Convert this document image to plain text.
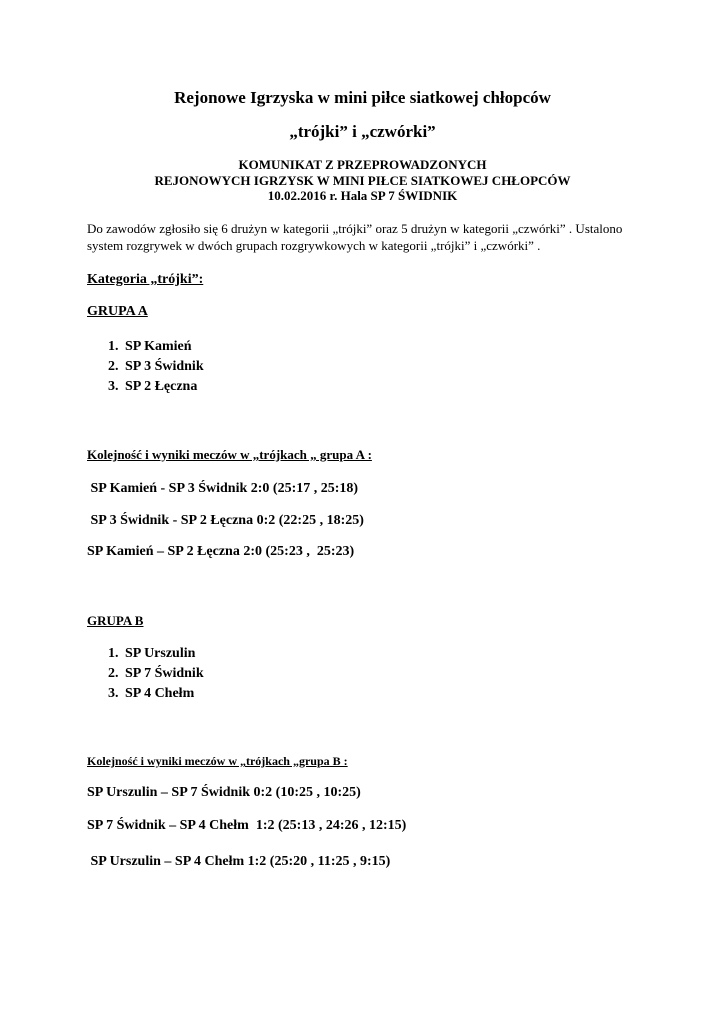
Rejonowe Igrzyska w mini piłce siatkowej chłopców
„trójki” i „czwórki”
KOMUNIKAT Z PRZEPROWADZONYCH
REJONOWYCH IGRZYSK W MINI PIŁCE SIATKOWEJ CHŁOPCÓW
10.02.2016 r. Hala SP 7 ŚWIDNIK
Do zawodów zgłosiło się 6 drużyn w kategorii „trójki” oraz 5 drużyn w kategorii „czwórki” . Ustalono
system rozgrywek w dwóch grupach rozgrywkowych w kategorii „trójki” i „czwórki” .
Kategoria „trójki”:
GRUPA A
1. SP Kamień
2. SP 3 Świdnik
3. SP 2 Łęczna
Kolejność i wyniki meczów w „trójkach „ grupa A :
SP Kamień - SP 3 Świdnik 2:0 (25:17 , 25:18)
SP 3 Świdnik - SP 2 Łęczna 0:2 (22:25 , 18:25)
SP Kamień – SP 2 Łęczna 2:0 (25:23 ,  25:23)
GRUPA B
1. SP Urszulin
2. SP 7 Świdnik
3. SP 4 Chełm
Kolejność i wyniki meczów w „trójkach „grupa B :
SP Urszulin – SP 7 Świdnik 0:2 (10:25 , 10:25)
SP 7 Świdnik – SP 4 Chełm  1:2 (25:13 , 24:26 , 12:15)
SP Urszulin – SP 4 Chełm 1:2 (25:20 , 11:25 , 9:15)
